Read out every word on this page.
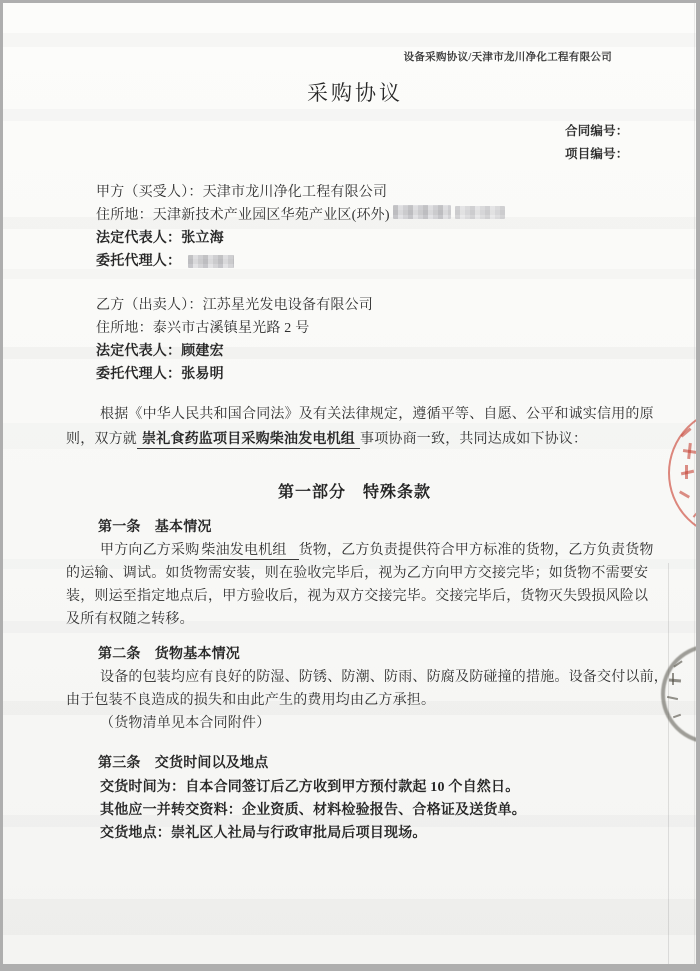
设备采购协议/天津市龙川净化工程有限公司
采购协议
合同编号：
项目编号：
甲方（买受人）：天津市龙川净化工程有限公司
住所地：天津新技术产业园区华苑产业区(环外)
法定代表人：张立海
委托代理人：
乙方（出卖人）：江苏星光发电设备有限公司
住所地：泰兴市古溪镇星光路 2 号
法定代表人：顾建宏
委托代理人：张易明
根据《中华人民共和国合同法》及有关法律规定，遵循平等、自愿、公平和诚实信用的原
则，双方就 崇礼食药监项目采购柴油发电机组 事项协商一致，共同达成如下协议：
第一部分　特殊条款
第一条　基本情况
甲方向乙方采购 柴油发电机组 货物，乙方负责提供符合甲方标准的货物，乙方负责货物
的运输、调试。如货物需安装，则在验收完毕后，视为乙方向甲方交接完毕；如货物不需要安
装，则运至指定地点后，甲方验收后，视为双方交接完毕。交接完毕后，货物灭失毁损风险以
及所有权随之转移。
第二条　货物基本情况
设备的包装均应有良好的防湿、防锈、防潮、防雨、防腐及防碰撞的措施。设备交付以前，
由于包装不良造成的损失和由此产生的费用均由乙方承担。
（货物清单见本合同附件）
第三条　交货时间以及地点
交货时间为：自本合同签订后乙方收到甲方预付款起 10 个自然日。
其他应一并转交资料：企业资质、材料检验报告、合格证及送货单。
交货地点：崇礼区人社局与行政审批局后项目现场。
